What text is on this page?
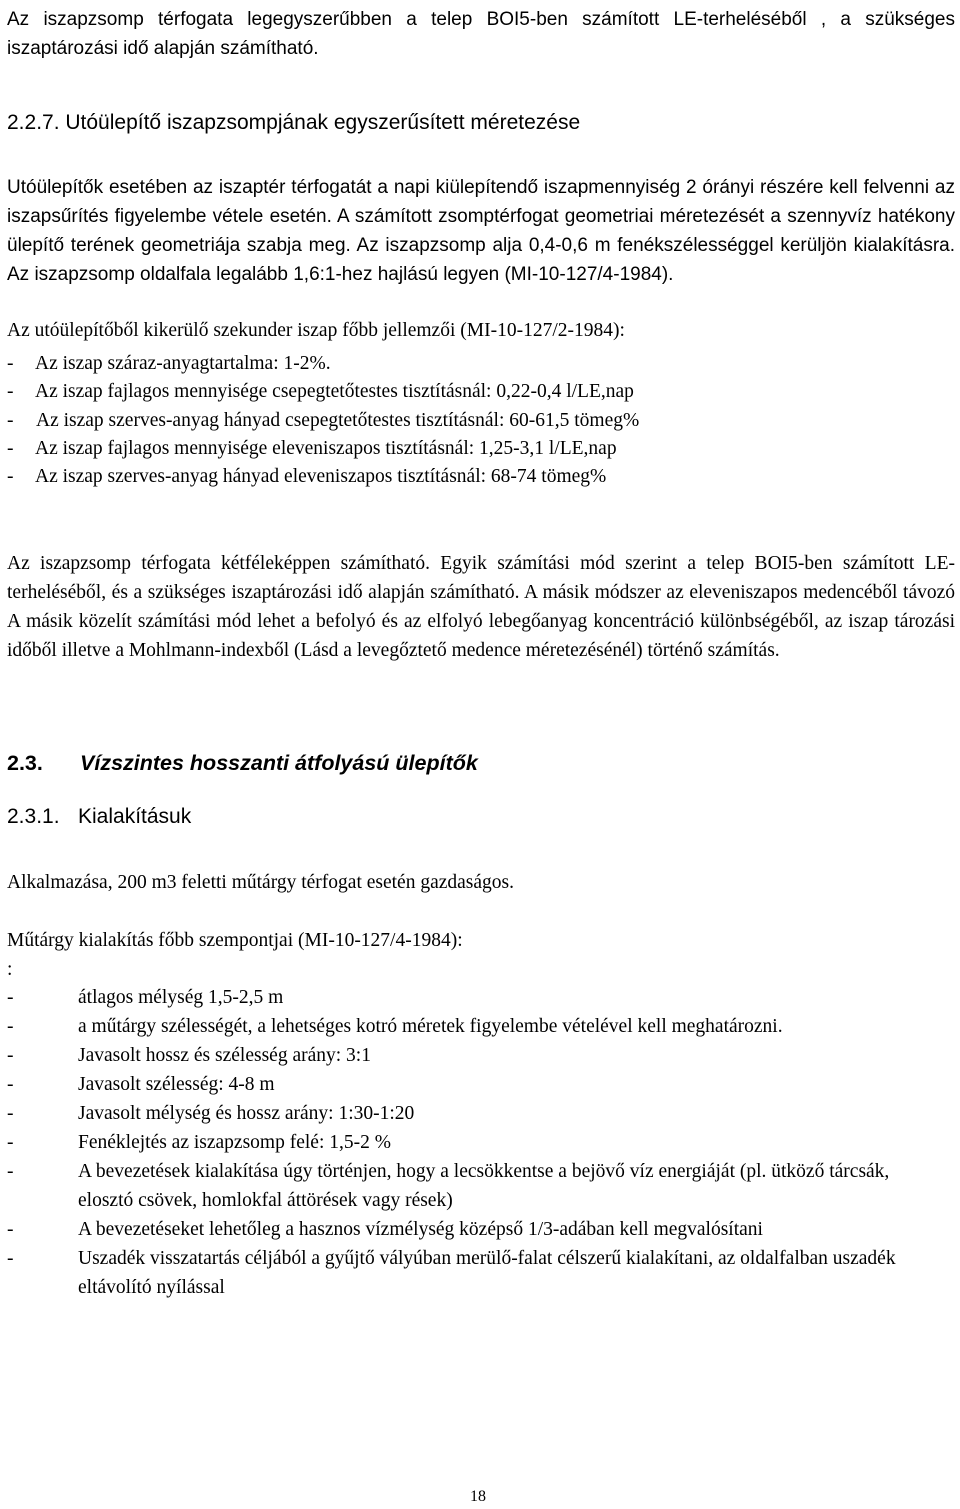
Az iszapzsomp térfogata legegyszerűbben a telep BOI5-ben számított LE-terheléséből , a szükséges iszaptározási idő alapján számítható.

2.2.7. Utóülepítő iszapzsompjának egyszerűsített méretezése

Utóülepítők esetében az iszaptér térfogatát a napi kiülepítendő iszapmennyiség 2 órányi részére kell felvenni az iszapsűrítés figyelembe vétele esetén. A számított zsomptérfogat geometriai méretezését a szennyvíz hatékony ülepítő terének geometriája szabja meg. Az iszapzsomp alja 0,4-0,6 m fenékszélességgel kerüljön kialakításra. Az iszapzsomp oldalfala legalább 1,6:1-hez hajlású legyen (MI-10-127/4-1984).

Az utóülepítőből kikerülő szekunder iszap főbb jellemzői (MI-10-127/2-1984):

-	Az iszap száraz-anyagtartalma: 1-2%.
-	Az iszap fajlagos mennyisége csepegtetőtestes tisztításnál: 0,22-0,4 l/LE,nap
-	Az iszap szerves-anyag hányad csepegtetőtestes tisztításnál: 60-61,5 tömeg%
-	Az iszap fajlagos mennyisége eleveniszapos tisztításnál: 1,25-3,1 l/LE,nap
-	Az iszap szerves-anyag hányad eleveniszapos tisztításnál: 68-74 tömeg%

Az iszapzsomp térfogata kétféleképpen számítható. Egyik számítási mód szerint a telep BOI5-ben számított LE-terheléséből, és a szükséges iszaptározási idő alapján számítható. A másik módszer az eleveniszapos medencéből távozó A másik közelít számítási mód lehet a befolyó és az elfolyó lebegőanyag koncentráció különbségéből, az iszap tározási időből illetve a Mohlmann-indexből (Lásd a levegőztető medence méretezésénél) történő számítás.

2.3. Vízszintes hosszanti átfolyású ülepítők
2.3.1. Kialakításuk

Alkalmazása, 200 m3 feletti műtárgy térfogat esetén gazdaságos.

Műtárgy kialakítás főbb szempontjai (MI-10-127/4-1984):

:
-	átlagos mélység 1,5-2,5 m
-	a műtárgy szélességét, a lehetséges kotró méretek figyelembe vételével kell meghatározni.
-	Javasolt hossz és szélesség arány: 3:1
-	Javasolt szélesség: 4-8 m
-	Javasolt mélység és hossz arány: 1:30-1:20
-	Fenéklejtés az iszapzsomp felé: 1,5-2 %
-	A bevezetések kialakítása úgy történjen, hogy a lecsökkentse a bejövő víz energiáját (pl. ütköző tárcsák, elosztó csövek, homlokfal áttörések vagy rések)
-	A bevezetéseket lehetőleg a hasznos vízmélység középső 1/3-adában kell megvalósítani
-	Uszadék visszatartás céljából a gyűjtő vályúban merülő-falat célszerű kialakítani, az oldalfalban uszadék eltávolító nyílással
18
